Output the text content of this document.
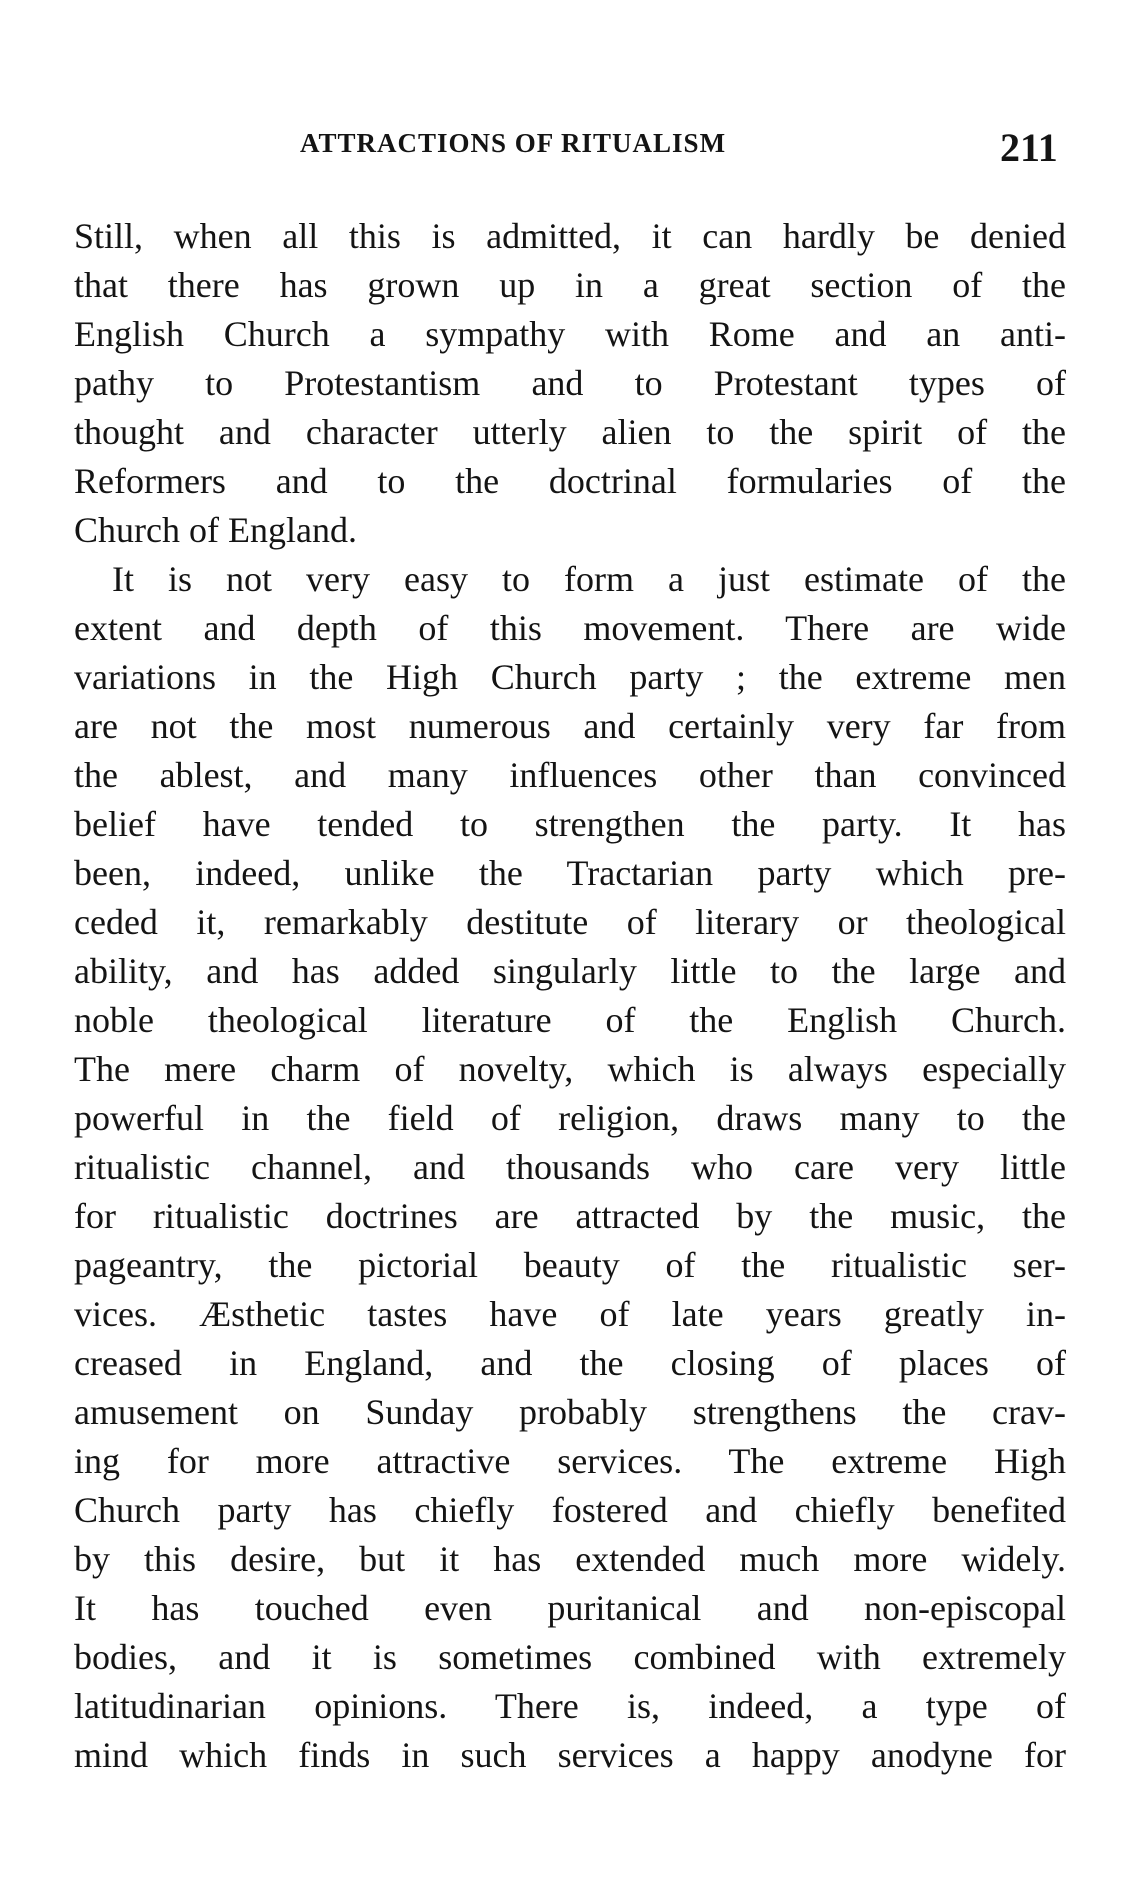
ATTRACTIONS OF RITUALISM	211
Still, when all this is admitted, it can hardly be denied
that there has grown up in a great section of the
English Church a sympathy with Rome and an anti-
pathy to Protestantism and to Protestant types of
thought and character utterly alien to the spirit of the
Reformers and to the doctrinal formularies of the
Church of England.
It is not very easy to form a just estimate of the
extent and depth of this movement. There are wide
variations in the High Church party ; the extreme men
are not the most numerous and certainly very far from
the ablest, and many influences other than convinced
belief have tended to strengthen the party. It has
been, indeed, unlike the Tractarian party which pre-
ceded it, remarkably destitute of literary or theological
ability, and has added singularly little to the large and
noble theological literature of the English Church.
The mere charm of novelty, which is always especially
powerful in the field of religion, draws many to the
ritualistic channel, and thousands who care very little
for ritualistic doctrines are attracted by the music, the
pageantry, the pictorial beauty of the ritualistic ser-
vices. Æsthetic tastes have of late years greatly in-
creased in England, and the closing of places of
amusement on Sunday probably strengthens the crav-
ing for more attractive services. The extreme High
Church party has chiefly fostered and chiefly benefited
by this desire, but it has extended much more widely.
It has touched even puritanical and non-episcopal
bodies, and it is sometimes combined with extremely
latitudinarian opinions. There is, indeed, a type of
mind which finds in such services a happy anodyne for
